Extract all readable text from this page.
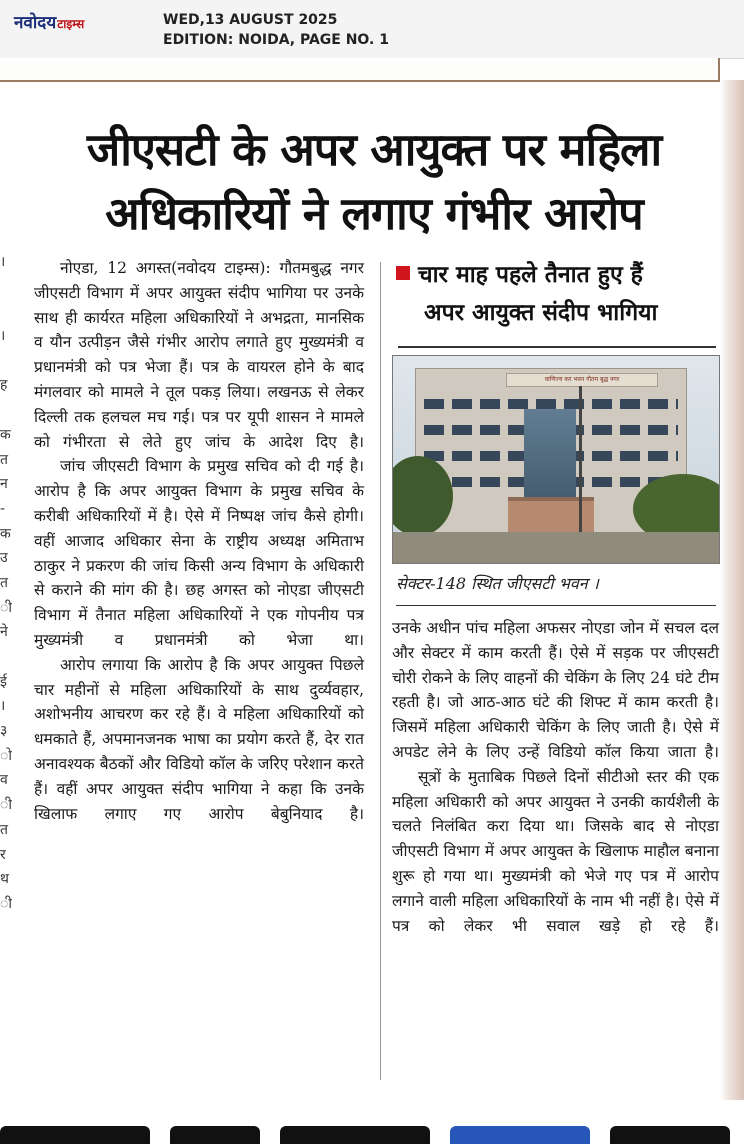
नवोदयटाइम्स	WED,13 AUGUST 2025
EDITION: NOIDA, PAGE NO. 1
।
।
ह
क
त
न
-
क
उ
त
ी
ने
ई
।
३
ो
व
ी
त
र
थ
ी
जीएसटी के अपर आयुक्त पर महिला अधिकारियों ने लगाए गंभीर आरोप

नोएडा, 12 अगस्त(नवोदय टाइम्स): गौतमबुद्ध नगर जीएसटी विभाग में अपर आयुक्त संदीप भागिया पर उनके साथ ही कार्यरत महिला अधिकारियों ने अभद्रता, मानसिक व यौन उत्पीड़न जैसे गंभीर आरोप लगाते हुए मुख्यमंत्री व प्रधानमंत्री को पत्र भेजा हैं। पत्र के वायरल होने के बाद मंगलवार को मामले ने तूल पकड़ लिया। लखनऊ से लेकर दिल्ली तक हलचल मच गई। पत्र पर यूपी शासन ने मामले को गंभीरता से लेते हुए जांच के आदेश दिए है।

जांच जीएसटी विभाग के प्रमुख सचिव को दी गई है। आरोप है कि अपर आयुक्त विभाग के प्रमुख सचिव के करीबी अधिकारियों में है। ऐसे में निष्पक्ष जांच कैसे होगी। वहीं आजाद अधिकार सेना के राष्ट्रीय अध्यक्ष अमिताभ ठाकुर ने प्रकरण की जांच किसी अन्य विभाग के अधिकारी से कराने की मांग की है। छह अगस्त को नोएडा जीएसटी विभाग में तैनात महिला अधिकारियों ने एक गोपनीय पत्र मुख्यमंत्री व प्रधानमंत्री को भेजा था।

आरोप लगाया कि आरोप है कि अपर आयुक्त पिछले चार महीनों से महिला अधिकारियों के साथ दुर्व्यवहार, अशोभनीय आचरण कर रहे हैं। वे महिला अधिकारियों को धमकाते हैं, अपमानजनक भाषा का प्रयोग करते हैं, देर रात अनावश्यक बैठकों और विडियो कॉल के जरिए परेशान करते हैं। वहीं अपर आयुक्त संदीप भागिया ने कहा कि उनके खिलाफ लगाए गए आरोप बेबुनियाद है।

चार माह पहले तैनात हुए हैं
अपर आयुक्त संदीप भागिया
वाणिज्य कर भवन गौतम बुद्ध नगर
सेक्टर-148 स्थित जीएसटी भवन ।

उनके अधीन पांच महिला अफसर नोएडा जोन में सचल दल और सेक्टर में काम करती हैं। ऐसे में सड़क पर जीएसटी चोरी रोकने के लिए वाहनों की चेकिंग के लिए 24 घंटे टीम रहती है। जो आठ-आठ घंटे की शिफ्ट में काम करती है। जिसमें महिला अधिकारी चेकिंग के लिए जाती है। ऐसे में अपडेट लेने के लिए उन्हें विडियो कॉल किया जाता है।

सूत्रों के मुताबिक पिछले दिनों सीटीओ स्तर की एक महिला अधिकारी को अपर आयुक्त ने उनकी कार्यशैली के चलते निलंबित करा दिया था। जिसके बाद से नोएडा जीएसटी विभाग में अपर आयुक्त के खिलाफ माहौल बनाना शुरू हो गया था। मुख्यमंत्री को भेजे गए पत्र में आरोप लगाने वाली महिला अधिकारियों के नाम भी नहीं है। ऐसे में पत्र को लेकर भी सवाल खड़े हो रहे हैं।
